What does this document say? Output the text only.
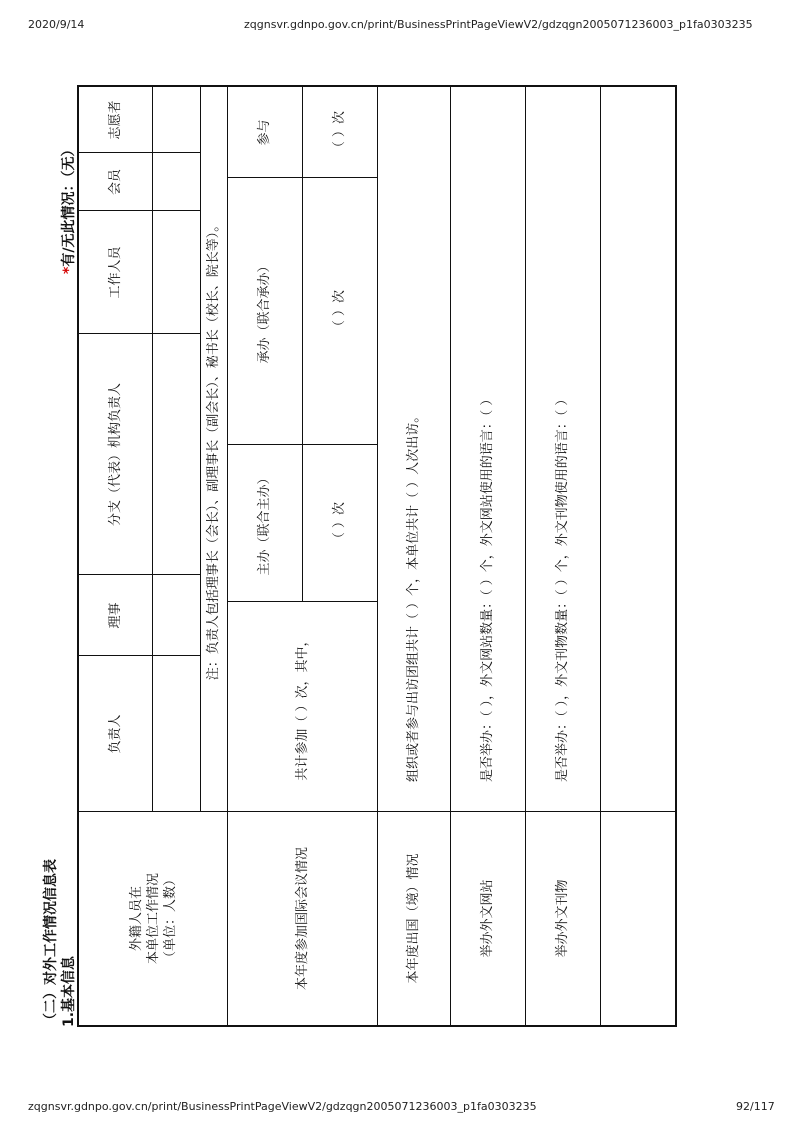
2020/9/14	zqgnsvr.gdnpo.gov.cn/print/BusinessPrintPageViewV2/gdzqgn2005071236003_p1fa0303235
zqgnsvr.gdnpo.gov.cn/print/BusinessPrintPageViewV2/gdzqgn2005071236003_p1fa0303235	92/117
（二）对外工作情况信息表 1.基本信息
*有/无此情况：（无）
外籍人员在 本单位工作情况 （单位：人数）
负责人
理事
分支（代表）机构负责人
工作人员
会员
志愿者
注：负责人包括理事长（会长）、副理事长（副会长）、秘书长（校长、院长等）。
本年度参加国际会议情况
共计参加（ ）次，其中，
主办（联合主办）
承办（联合承办）
参与
（ ）次
（ ）次
（ ）次
本年度出国（境）情况
组织或者参与出访团组共计（ ）个，本单位共计（ ）人次出访。
举办外文网站
是否举办：（ ），外文网站数量：（ ）个，外文网站使用的语言：（ ）
举办外文刊物
是否举办：（ ），外文刊物数量：（ ）个，外文刊物使用的语言：（ ）
